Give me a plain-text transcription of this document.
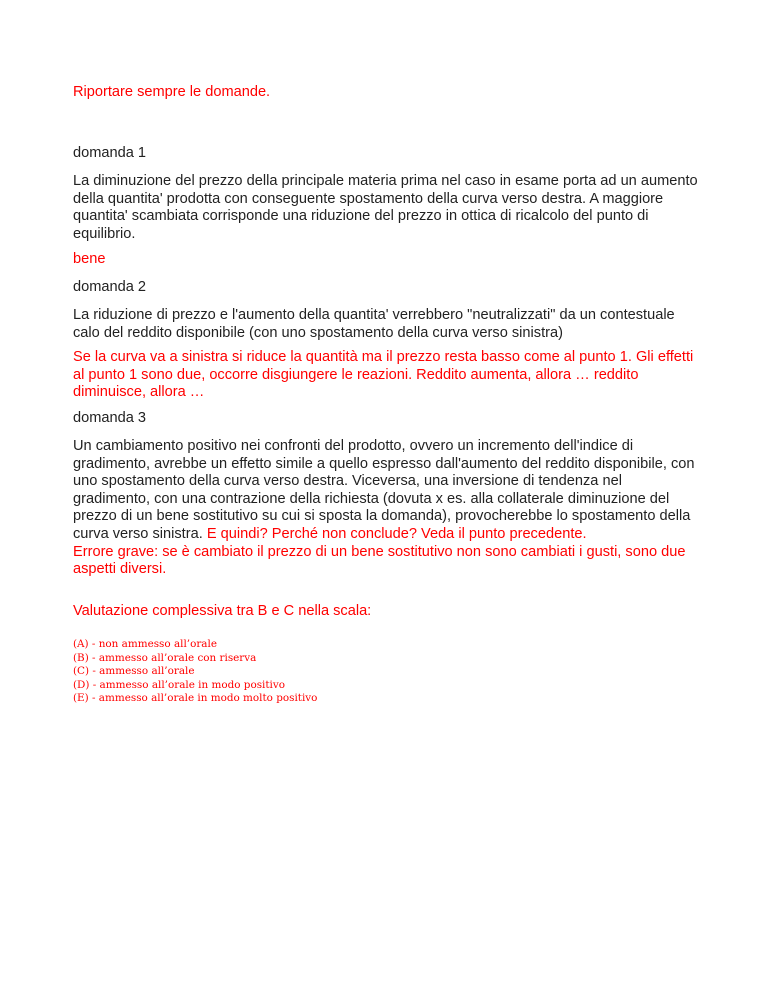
Riportare sempre le domande.

domanda 1

La diminuzione del prezzo della principale materia prima nel caso in esame porta ad un aumento della quantita' prodotta con conseguente spostamento della curva verso destra. A maggiore quantita' scambiata corrisponde una riduzione del prezzo in ottica di ricalcolo del punto di equilibrio.

bene

domanda 2

La riduzione di prezzo e l'aumento della quantita' verrebbero "neutralizzati" da un contestuale calo del reddito disponibile (con uno spostamento della curva verso sinistra)

Se la curva va a sinistra si riduce la quantità ma il prezzo resta basso come al punto 1. Gli effetti al punto 1 sono due, occorre disgiungere le reazioni. Reddito aumenta, allora … reddito diminuisce, allora …

domanda 3

Un cambiamento positivo nei confronti del prodotto, ovvero un incremento dell'indice di gradimento, avrebbe un effetto simile a quello espresso dall'aumento del reddito disponibile, con uno spostamento della curva verso destra. Viceversa, una inversione di tendenza nel gradimento, con una contrazione della richiesta (dovuta x es. alla collaterale diminuzione del prezzo di un bene sostitutivo su cui si sposta la domanda), provocherebbe lo spostamento della curva verso sinistra. E quindi? Perché non conclude? Veda il punto precedente.
Errore grave: se è cambiato il prezzo di un bene sostitutivo non sono cambiati i gusti, sono due aspetti diversi.

Valutazione complessiva tra B e C nella scala:

(A) - non ammesso all’orale
(B) - ammesso all’orale con riserva
(C) - ammesso all’orale
(D) - ammesso all’orale in modo positivo
(E) - ammesso all’orale in modo molto positivo
